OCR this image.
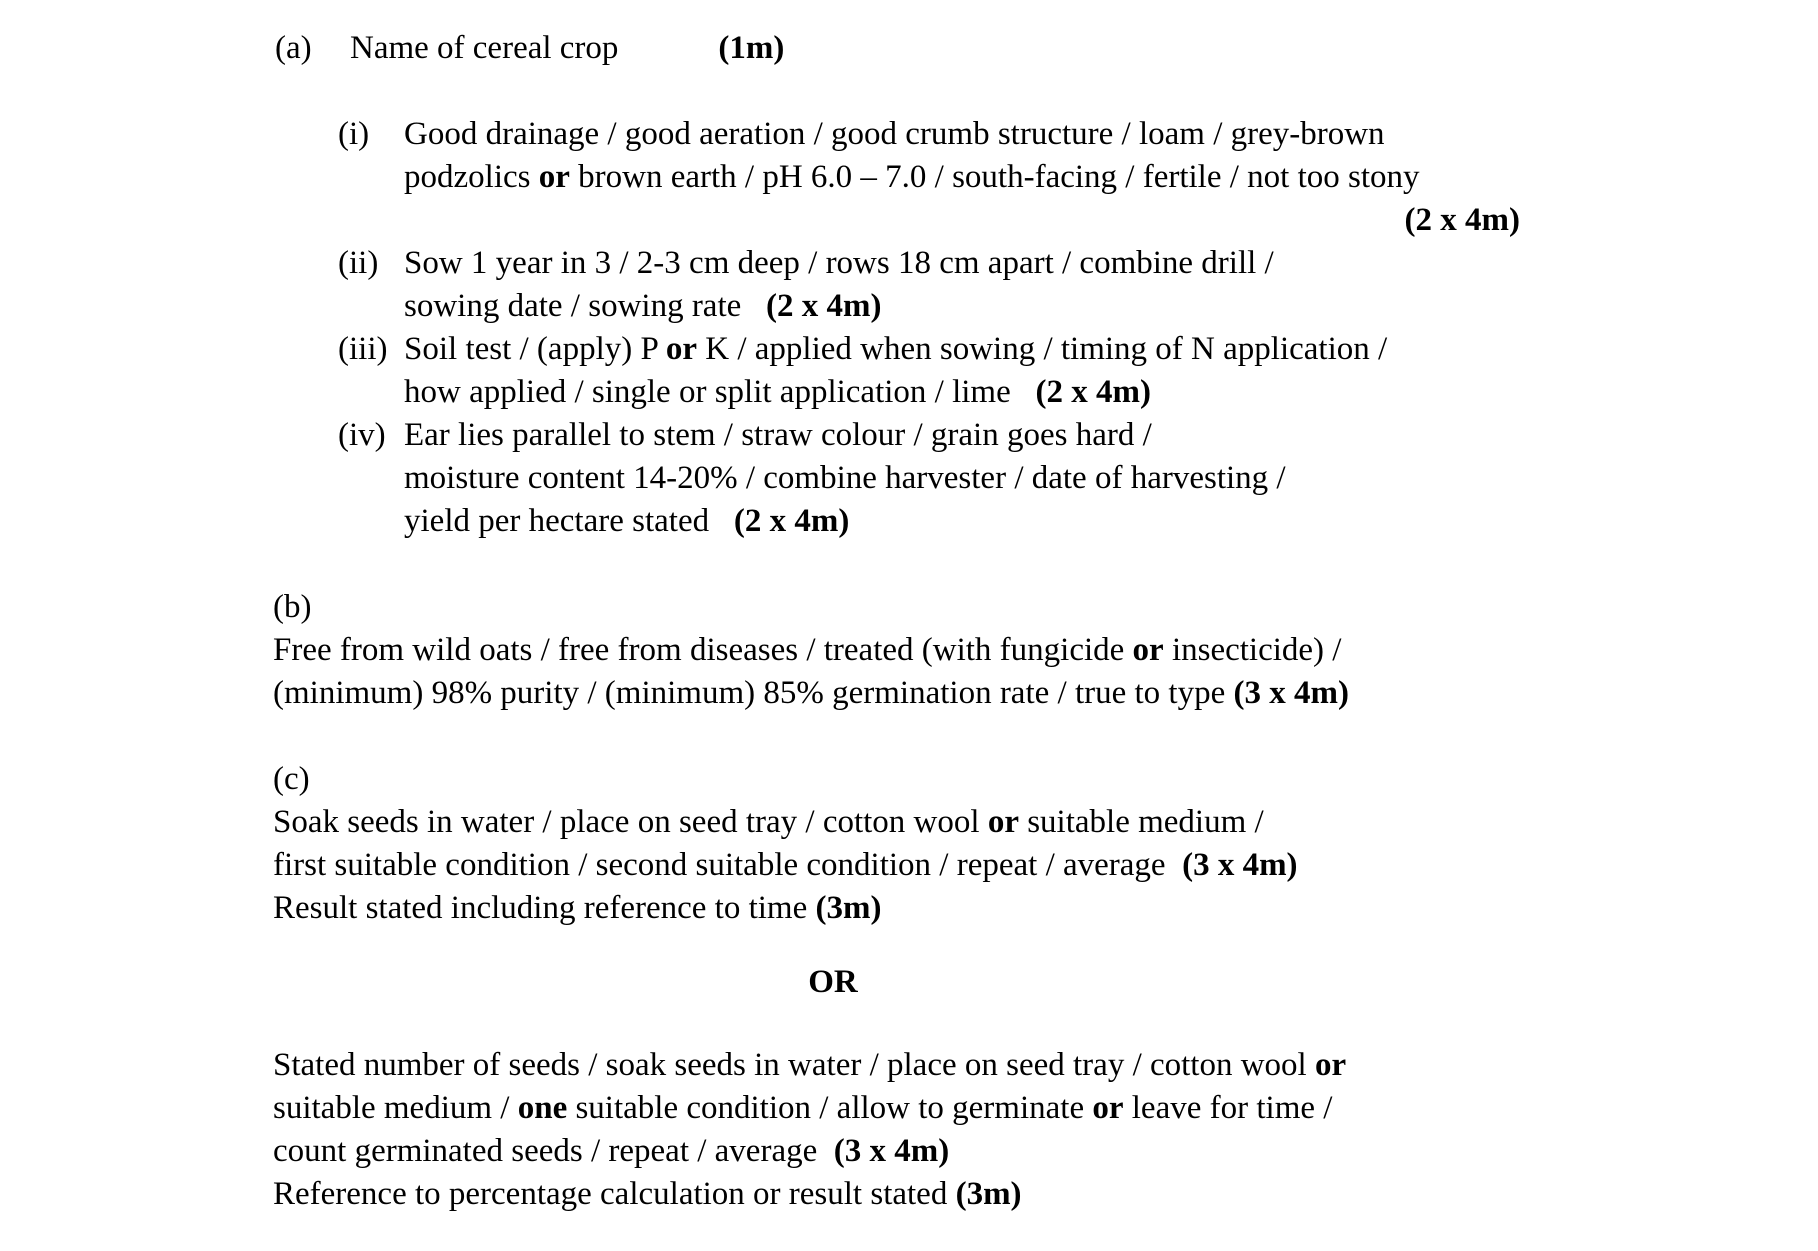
(a)	Name of cereal crop	(1m)
(i)	Good drainage / good aeration / good crumb structure / loam / grey-brown
podzolics or brown earth / pH 6.0 – 7.0 / south-facing / fertile / not too stony
(2 x 4m)
(ii) Sow 1 year in 3 / 2-3 cm deep / rows 18 cm apart / combine drill /
sowing date / sowing rate   (2 x 4m)
(iii) Soil test / (apply) P or K / applied when sowing / timing of N application /
how applied / single or split application / lime   (2 x 4m)
(iv) Ear lies parallel to stem / straw colour / grain goes hard /
moisture content 14-20% / combine harvester / date of harvesting /
yield per hectare stated   (2 x 4m)
(b)
Free from wild oats / free from diseases / treated (with fungicide or insecticide) /
(minimum) 98% purity / (minimum) 85% germination rate / true to type (3 x 4m)
(c)
Soak seeds in water / place on seed tray / cotton wool or suitable medium /
first suitable condition / second suitable condition / repeat / average  (3 x 4m)
Result stated including reference to time (3m)
OR
Stated number of seeds / soak seeds in water / place on seed tray / cotton wool or
suitable medium / one suitable condition / allow to germinate or leave for time /
count germinated seeds / repeat / average  (3 x 4m)
Reference to percentage calculation or result stated (3m)
